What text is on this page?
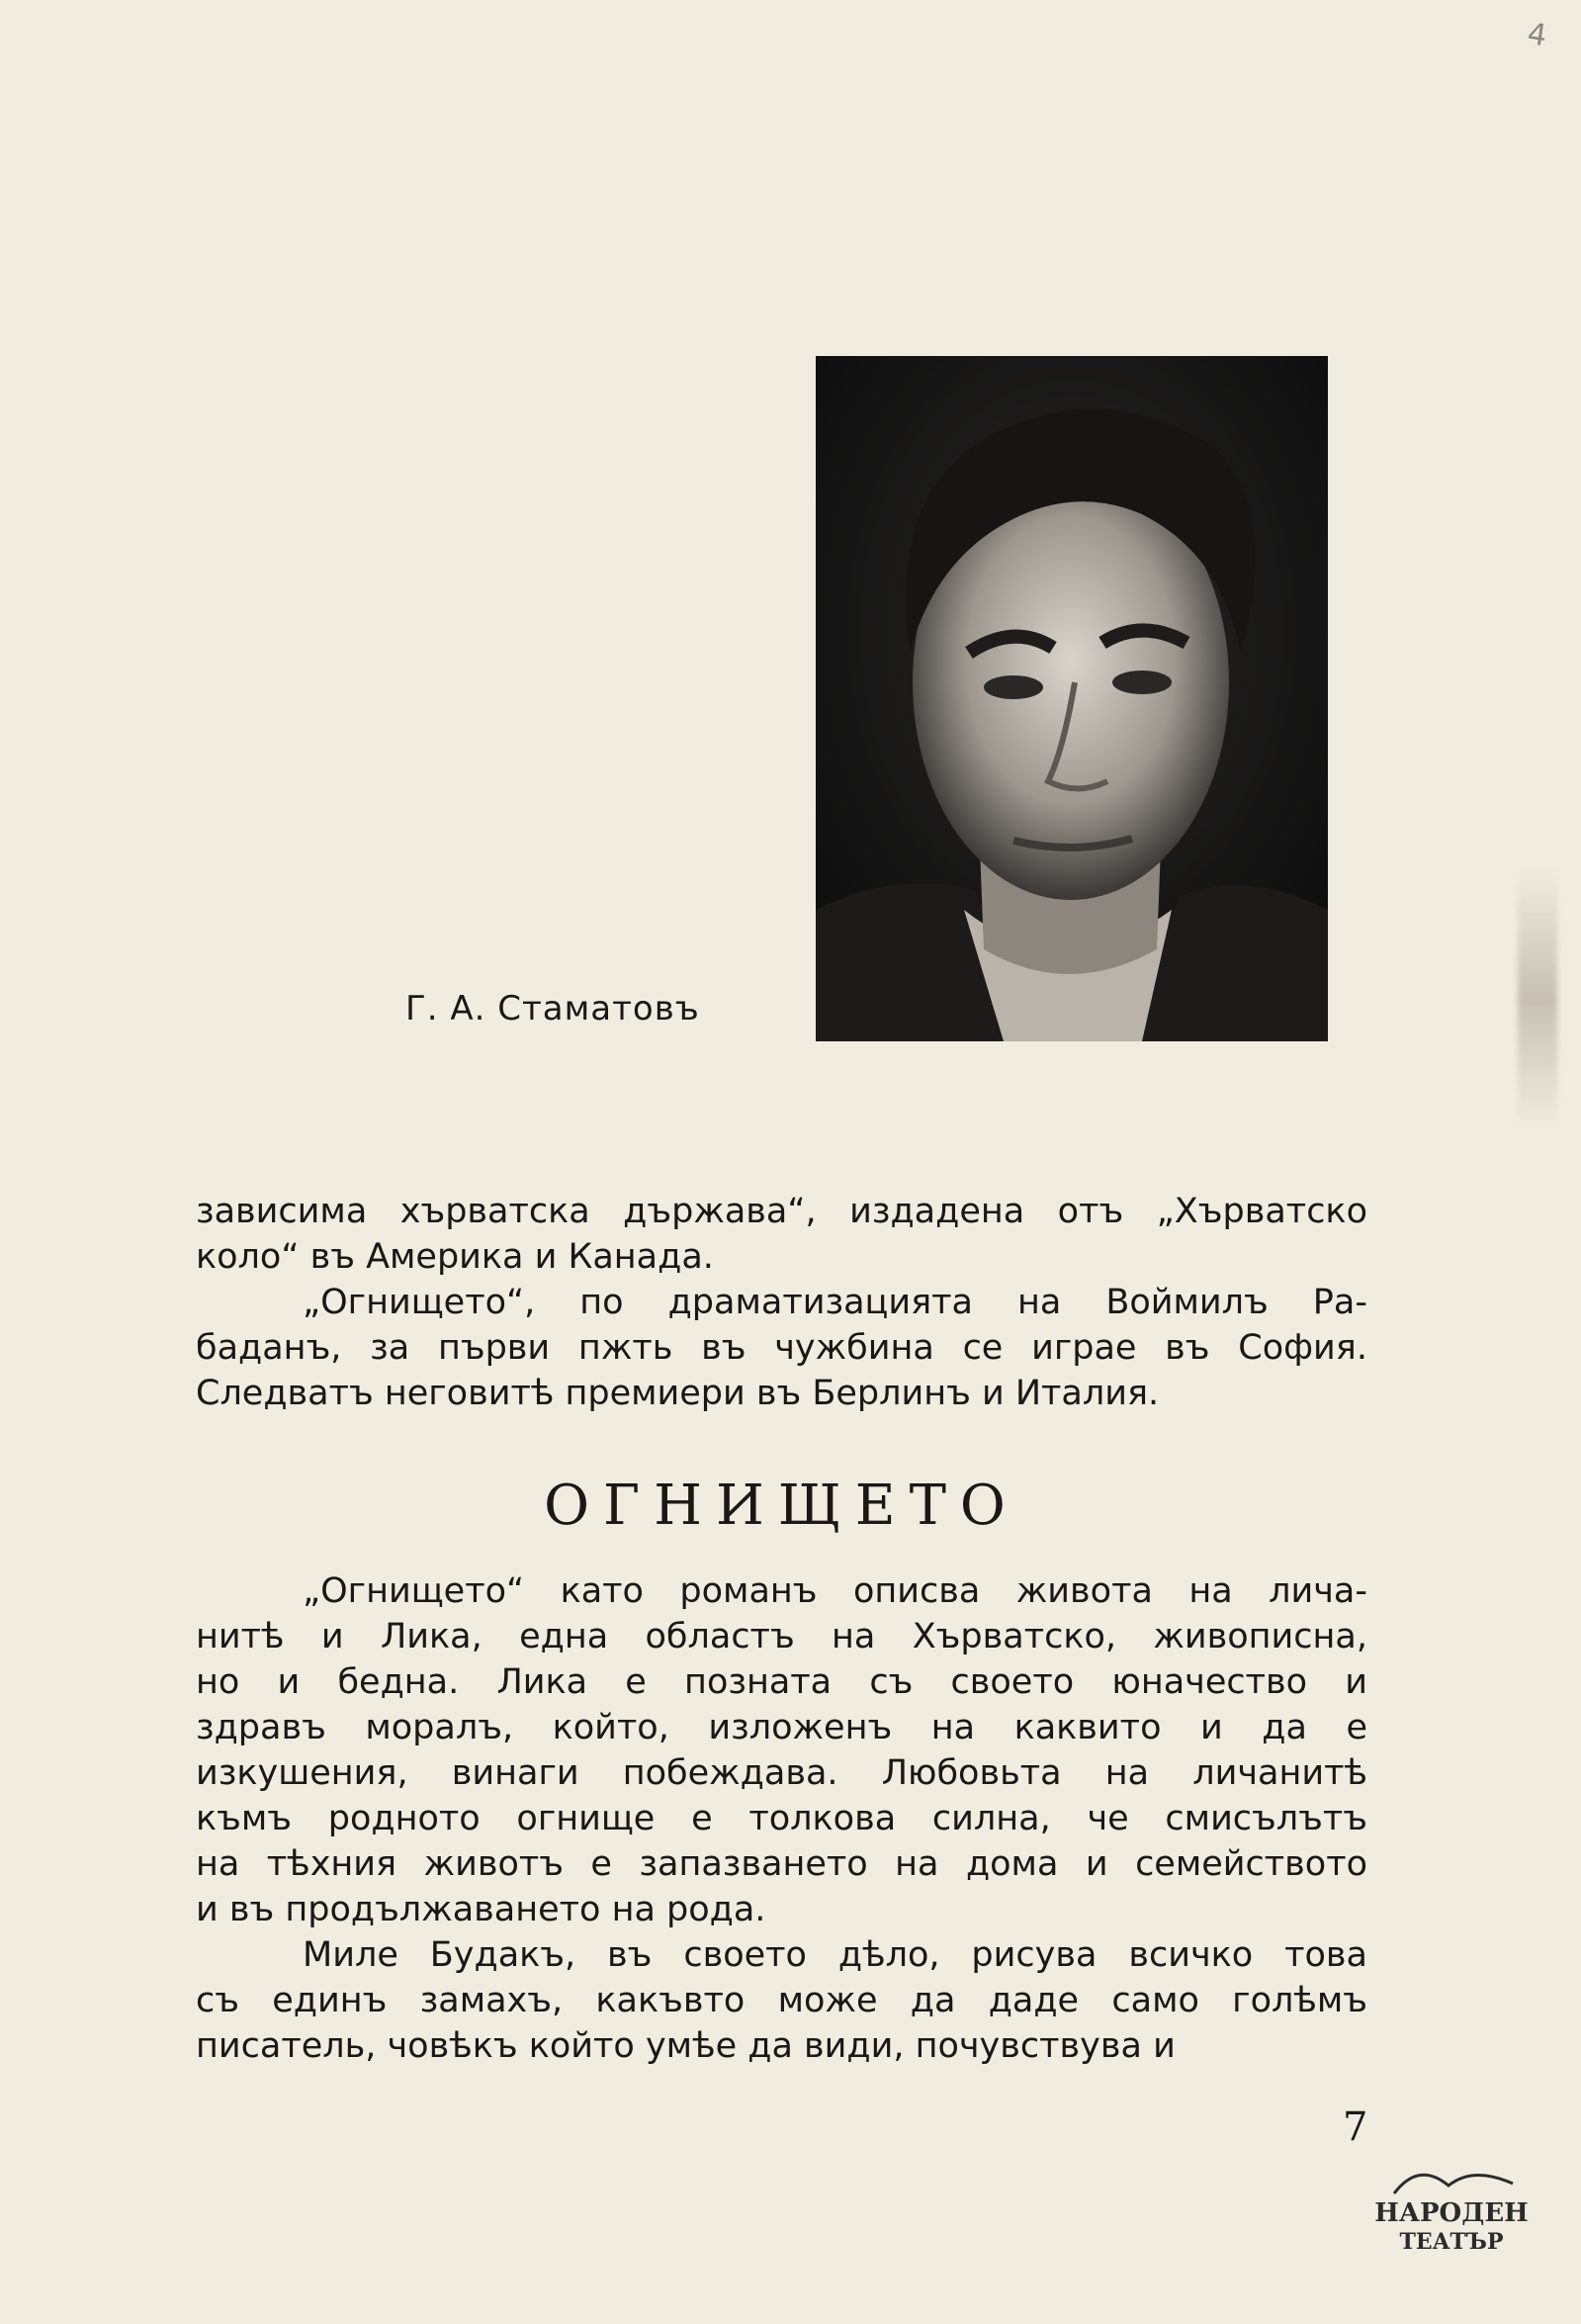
4
Г. А. Стаматовъ
зависима хърватска държава“, издадена отъ „Хърватско
коло“ въ Америка и Канада.
„Огнището“, по драматизацията на Воймилъ Ра-
баданъ, за първи пжть въ чужбина се играе въ София.
Следватъ неговитѣ премиери въ Берлинъ и Италия.
ОГНИЩЕТО
7
НАРОДЕН
ТЕАТЪР
„Огнището“ като романъ описва живота на лича-
нитѣ и Лика, една областъ на Хърватско, живописна,
но и бедна. Лика е позната съ своето юначество и
здравъ моралъ, който, изложенъ на каквито и да е
изкушения, винаги побеждава. Любовьта на личанитѣ
къмъ родното огнище е толкова силна, че смисълътъ
на тѣхния животъ е запазването на дома и семейството
и въ продължаването на рода.
Миле Будакъ, въ своето дѣло, рисува всичко това
съ единъ замахъ, какъвто може да даде само голѣмъ
писатель, човѣкъ който умѣе да види, почувствува и
